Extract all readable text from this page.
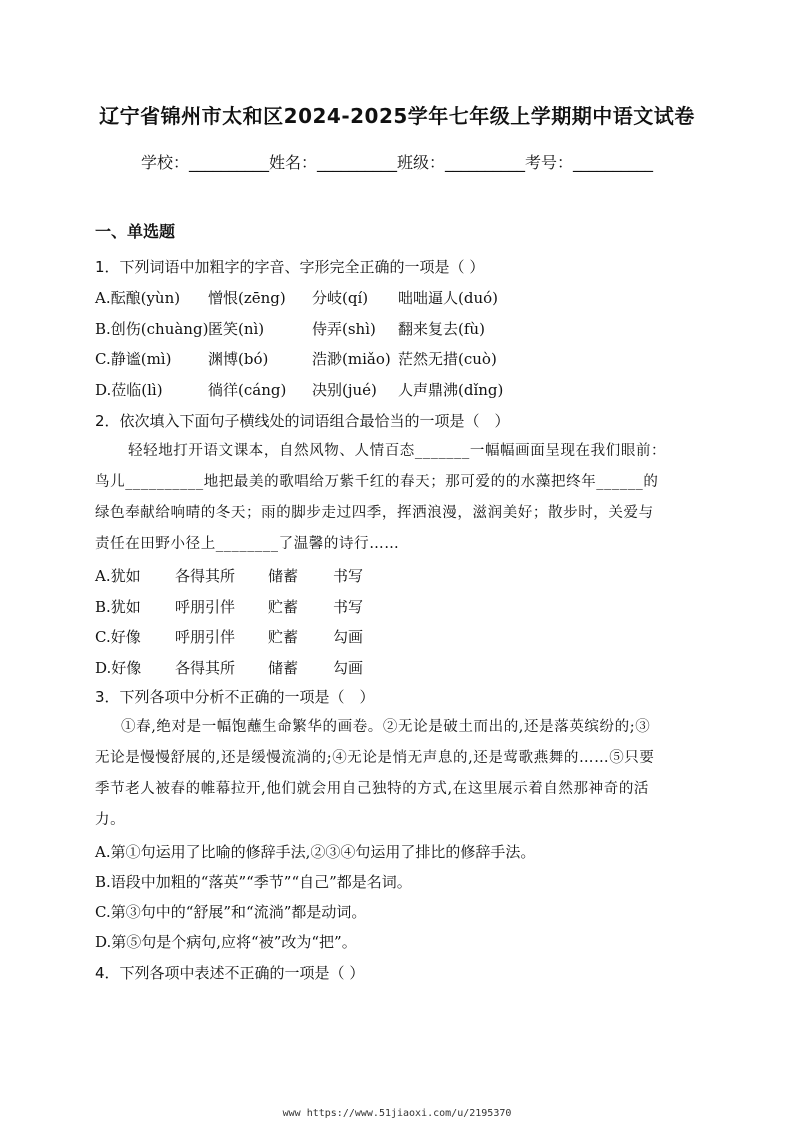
辽宁省锦州市太和区2024-2025学年七年级上学期期中语文试卷
学校：__________姓名：__________班级：__________考号：__________
一、单选题
1．下列词语中加粗字的字音、字形完全正确的一项是（ ）
A.酝酿(yùn) 憎恨(zēng) 分岐(qí) 咄咄逼人(duó)
B.创伤(chuàng) 匿笑(nì)	侍弄(shì) 翻来复去(fù)
C.静谧(mì) 渊博(bó)	浩渺(miǎo) 茫然无措(cuò)
D.莅临(lì)	徜徉(cáng) 决别(jué) 人声鼎沸(dǐng)
2．依次填入下面句子横线处的词语组合最恰当的一项是（　）
轻轻地打开语文课本，自然风物、人情百态_______一幅幅画面呈现在我们眼前：
鸟儿__________地把最美的歌唱给万紫千红的春天；那可爱的的水藻把终年______的
绿色奉献给响晴的冬天；雨的脚步走过四季，挥洒浪漫，滋润美好；散步时，关爱与
责任在田野小径上________了温馨的诗行……
A.犹如 各得其所 储蓄 书写
B.犹如 呼朋引伴 贮蓄 书写
C.好像 呼朋引伴 贮蓄 勾画
D.好像 各得其所 储蓄 勾画
3．下列各项中分析不正确的一项是（　）
①春,绝对是一幅饱蘸生命繁华的画卷。②无论是破土而出的,还是落英缤纷的;③
无论是慢慢舒展的,还是缓慢流淌的;④无论是悄无声息的,还是莺歌燕舞的……⑤只要
季节老人被春的帷幕拉开,他们就会用自己独特的方式,在这里展示着自然那神奇的活
力。
A.第①句运用了比喻的修辞手法,②③④句运用了排比的修辞手法。
B.语段中加粗的“落英”“季节”“自己”都是名词。
C.第③句中的“舒展”和“流淌”都是动词。
D.第⑤句是个病句,应将“被”改为“把”。
4．下列各项中表述不正确的一项是（ ）
www https://www.51jiaoxi.com/u/2195370
